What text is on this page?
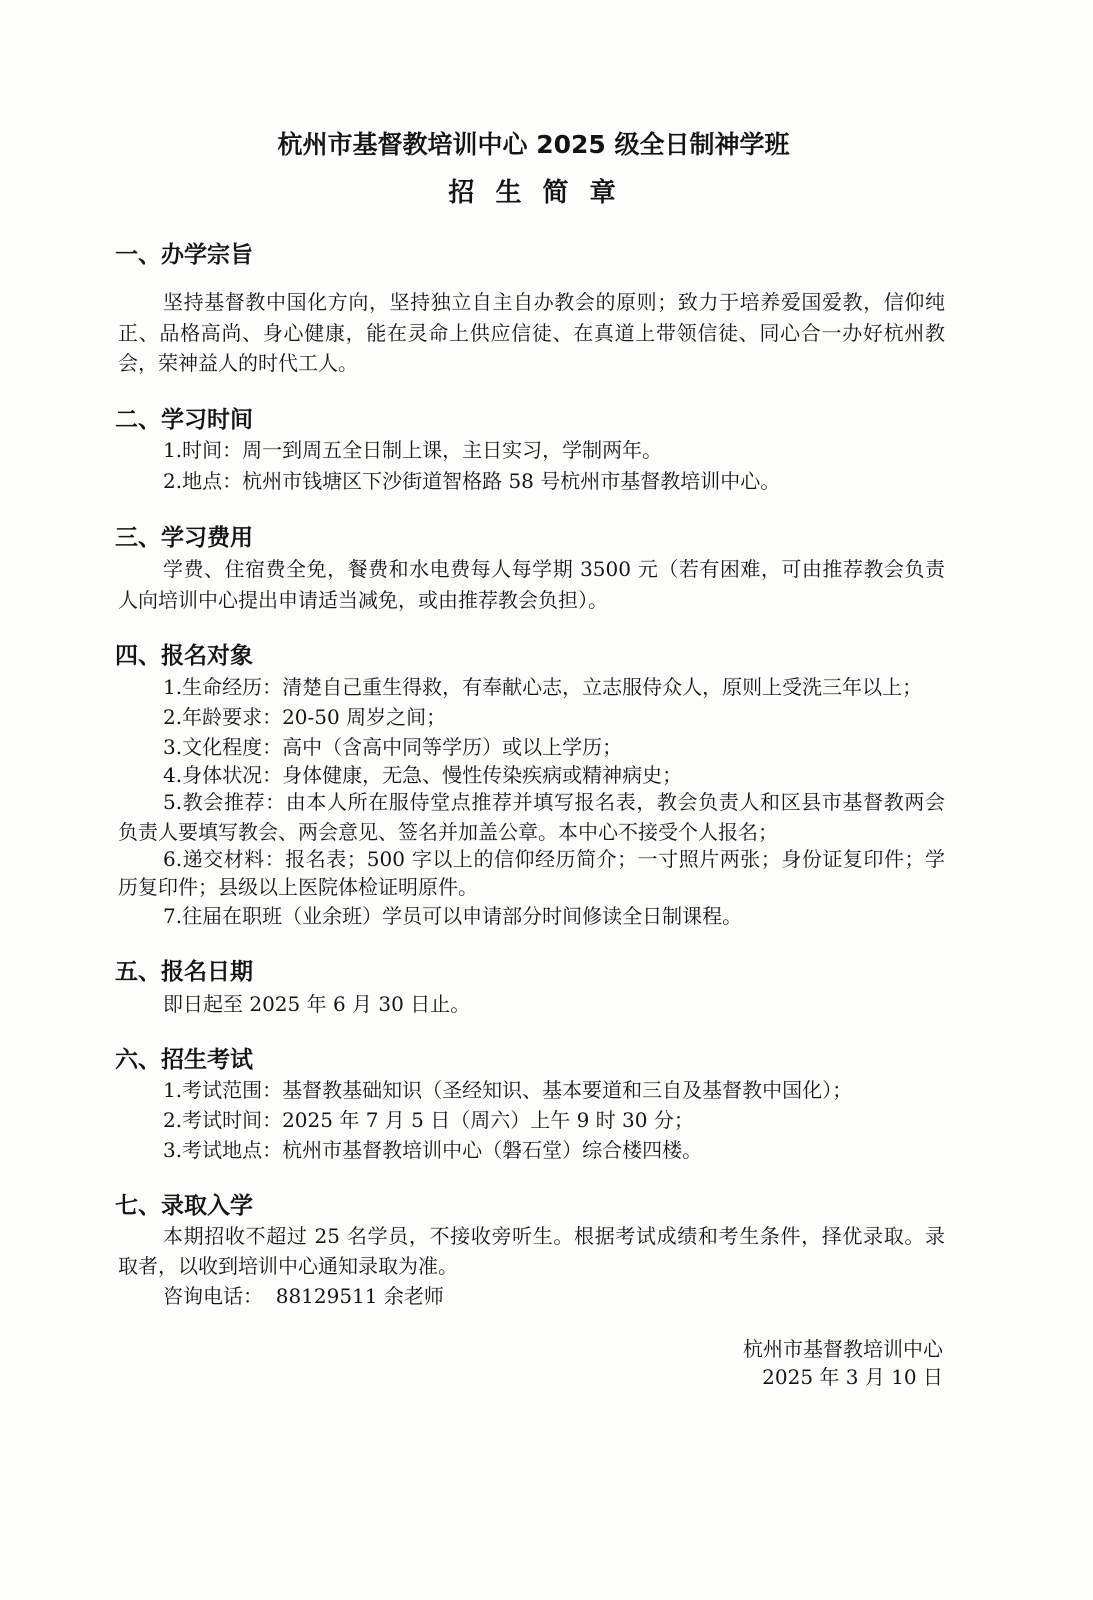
杭州市基督教培训中心 2025 级全日制神学班
招 生 简 章
一、办学宗旨
坚持基督教中国化方向，坚持独立自主自办教会的原则；致力于培养爱国爱教，信仰纯
正、品格高尚、身心健康，能在灵命上供应信徒、在真道上带领信徒、同心合一办好杭州教
会，荣神益人的时代工人。
二、学习时间
1.时间：周一到周五全日制上课，主日实习，学制两年。
2.地点：杭州市钱塘区下沙街道智格路 58 号杭州市基督教培训中心。
三、学习费用
学费、住宿费全免，餐费和水电费每人每学期 3500 元（若有困难，可由推荐教会负责
人向培训中心提出申请适当减免，或由推荐教会负担）。
四、报名对象
1.生命经历：清楚自己重生得救，有奉献心志，立志服侍众人，原则上受洗三年以上；
2.年龄要求：20-50 周岁之间；
3.文化程度：高中（含高中同等学历）或以上学历；
4.身体状况：身体健康，无急、慢性传染疾病或精神病史；
5.教会推荐：由本人所在服侍堂点推荐并填写报名表，教会负责人和区县市基督教两会
负责人要填写教会、两会意见、签名并加盖公章。本中心不接受个人报名；
6.递交材料：报名表；500 字以上的信仰经历简介；一寸照片两张；身份证复印件；学
历复印件；县级以上医院体检证明原件。
7.往届在职班（业余班）学员可以申请部分时间修读全日制课程。
五、报名日期
即日起至 2025 年 6 月 30 日止。
六、招生考试
1.考试范围：基督教基础知识（圣经知识、基本要道和三自及基督教中国化）；
2.考试时间：2025 年 7 月 5 日（周六）上午 9 时 30 分；
3.考试地点：杭州市基督教培训中心（磐石堂）综合楼四楼。
七、录取入学
本期招收不超过 25 名学员，不接收旁听生。根据考试成绩和考生条件，择优录取。录
取者，以收到培训中心通知录取为准。
咨询电话：  88129511 余老师
杭州市基督教培训中心
2025 年 3 月 10 日
